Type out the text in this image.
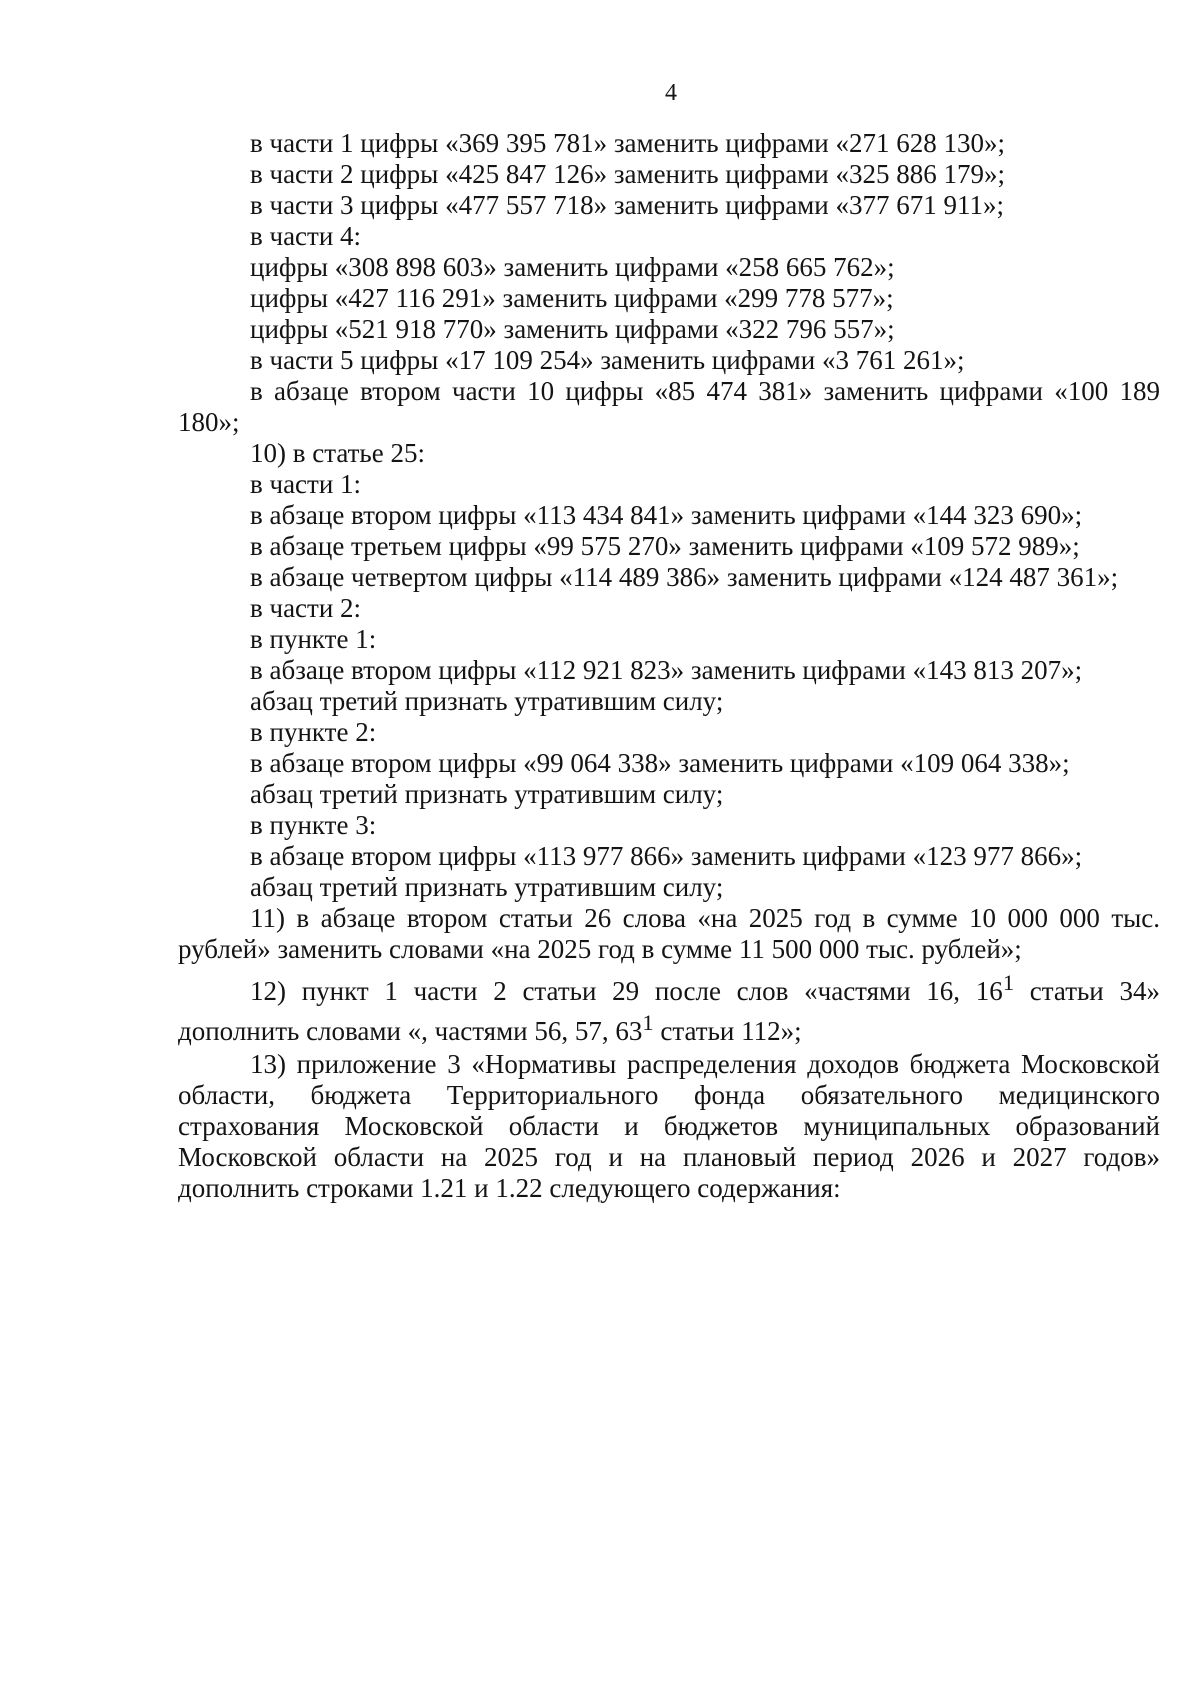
4

в части 1 цифры «369 395 781» заменить цифрами «271 628 130»;

в части 2 цифры «425 847 126» заменить цифрами «325 886 179»;

в части 3 цифры «477 557 718» заменить цифрами «377 671 911»;

в части 4:

цифры «308 898 603» заменить цифрами «258 665 762»;

цифры «427 116 291» заменить цифрами «299 778 577»;

цифры «521 918 770» заменить цифрами «322 796 557»;

в части 5 цифры «17 109 254» заменить цифрами «3 761 261»;

в абзаце втором части 10 цифры «85 474 381» заменить цифрами «100 189 180»;

10) в статье 25:

в части 1:

в абзаце втором цифры «113 434 841» заменить цифрами «144 323 690»;

в абзаце третьем цифры «99 575 270» заменить цифрами «109 572 989»;

в абзаце четвертом цифры «114 489 386» заменить цифрами «124 487 361»;

в части 2:

в пункте 1:

в абзаце втором цифры «112 921 823» заменить цифрами «143 813 207»;

абзац третий признать утратившим силу;

в пункте 2:

в абзаце втором цифры «99 064 338» заменить цифрами «109 064 338»;

абзац третий признать утратившим силу;

в пункте 3:

в абзаце втором цифры «113 977 866» заменить цифрами «123 977 866»;

абзац третий признать утратившим силу;

11) в абзаце втором статьи 26 слова «на 2025 год в сумме 10 000 000 тыс. рублей» заменить словами «на 2025 год в сумме 11 500 000 тыс. рублей»;

12) пункт 1 части 2 статьи 29 после слов «частями 16, $16^1$ статьи 34» дополнить словами «, частями 56, 57, $63^1$ статьи 112»;

13) приложение 3 «Нормативы распределения доходов бюджета Московской области, бюджета Территориального фонда обязательного медицинского страхования Московской области и бюджетов муниципальных образований Московской области на 2025 год и на плановый период 2026 и 2027 годов» дополнить строками 1.21 и 1.22 следующего содержания:
